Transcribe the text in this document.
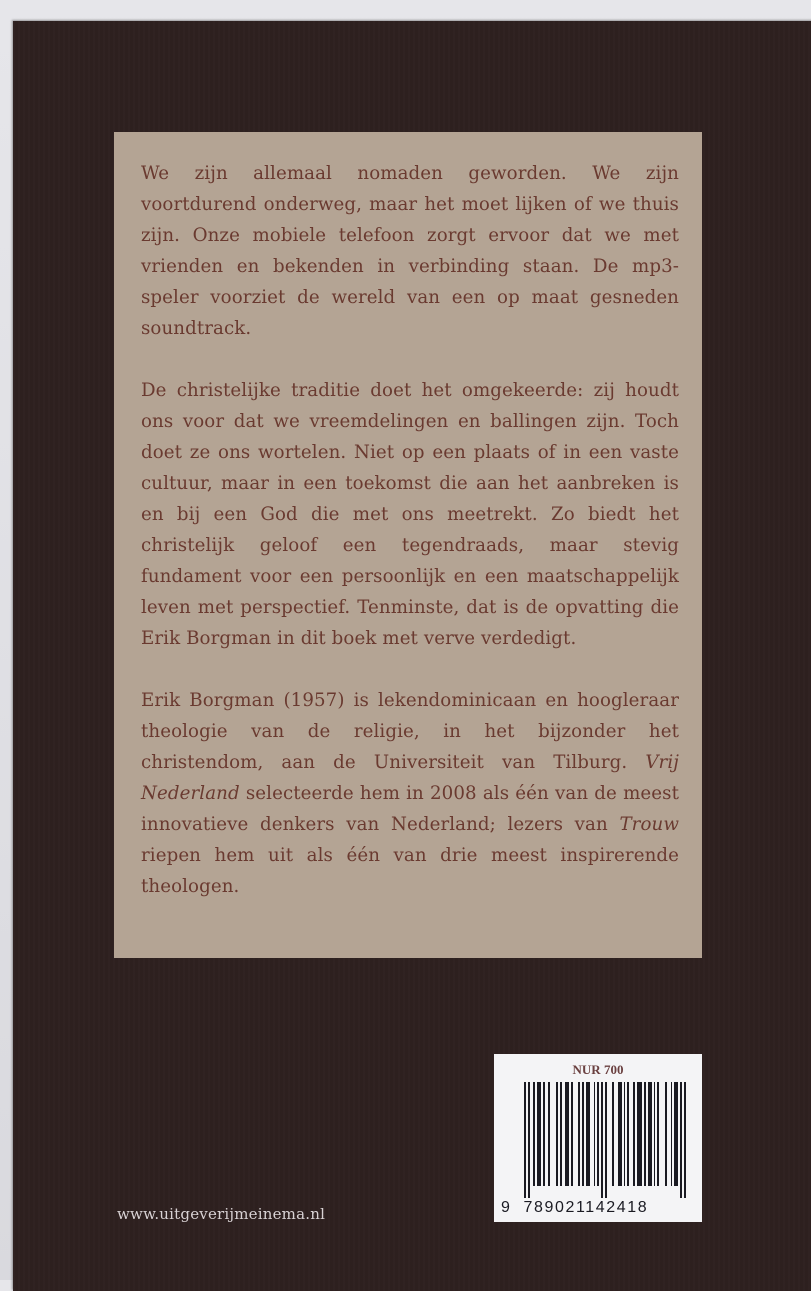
We zijn allemaal nomaden geworden. We zijn voortdurend onderweg, maar het moet lijken of we thuis zijn. Onze mobiele telefoon zorgt ervoor dat we met vrienden en bekenden in verbinding staan. De mp3-speler voorziet de wereld van een op maat gesneden soundtrack.

De christelijke traditie doet het omgekeerde: zij houdt ons voor dat we vreemdelingen en ballingen zijn. Toch doet ze ons wortelen. Niet op een plaats of in een vaste cultuur, maar in een toekomst die aan het aanbreken is en bij een God die met ons meetrekt. Zo biedt het christelijk geloof een tegendraads, maar stevig fundament voor een persoonlijk en een maatschappelijk leven met perspectief. Tenminste, dat is de opvatting die Erik Borgman in dit boek met verve verdedigt.

Erik Borgman (1957) is lekendominicaan en hoogleraar theologie van de religie, in het bijzonder het christendom, aan de Universiteit van Tilburg. Vrij Nederland selecteerde hem in 2008 als één van de meest innovatieve denkers van Nederland; lezers van Trouw riepen hem uit als één van drie meest inspirerende theologen.

NUR 700
9 789021142418
www.uitgeverijmeinema.nl
